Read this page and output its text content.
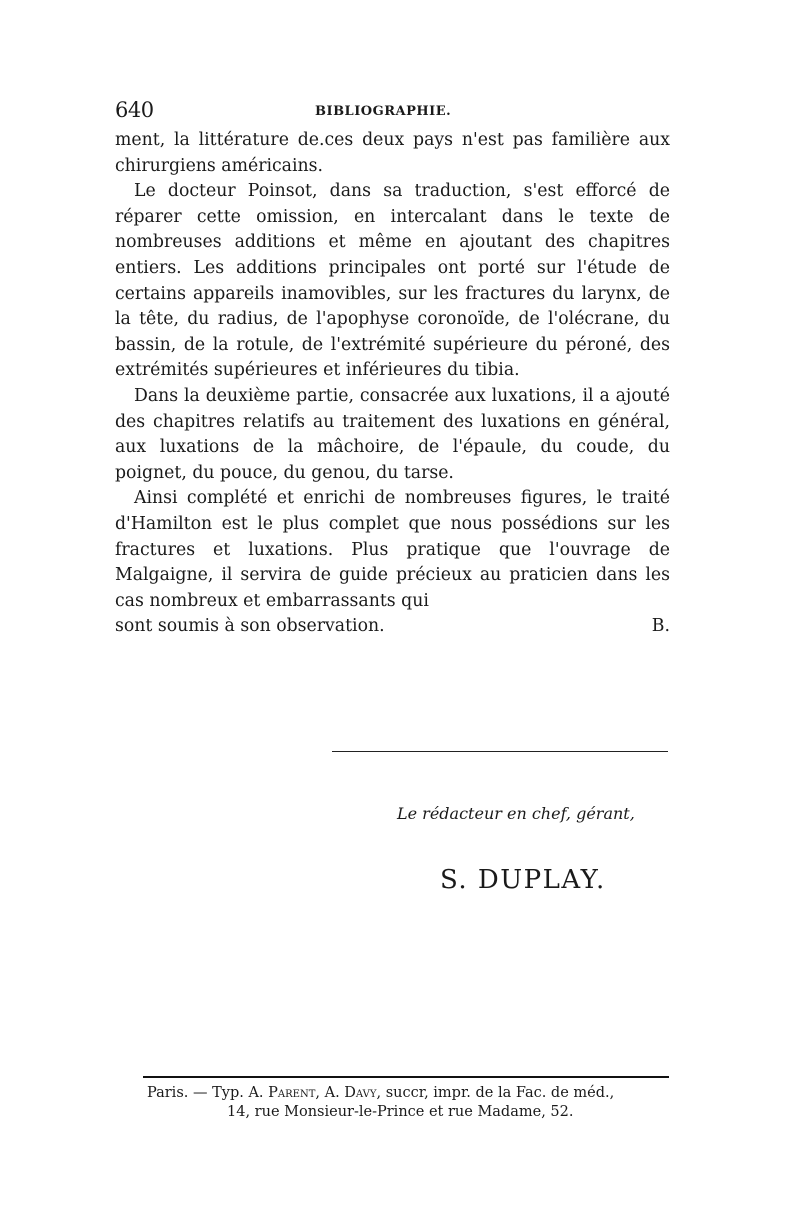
640	BIBLIOGRAPHIE.

ment, la littérature de.ces deux pays n'est pas familière aux chirurgiens américains.

Le docteur Poinsot, dans sa traduction, s'est efforcé de réparer cette omission, en intercalant dans le texte de nombreuses additions et même en ajoutant des chapitres entiers. Les additions principales ont porté sur l'étude de certains appareils inamovibles, sur les fractures du larynx, de la tête, du radius, de l'apophyse coronoïde, de l'olécrane, du bassin, de la rotule, de l'extrémité supérieure du péroné, des extrémités supérieures et inférieures du tibia.

Dans la deuxième partie, consacrée aux luxations, il a ajouté des chapitres relatifs au traitement des luxations en général, aux luxations de la mâchoire, de l'épaule, du coude, du poignet, du pouce, du genou, du tarse.

Ainsi complété et enrichi de nombreuses figures, le traité d'Hamilton est le plus complet que nous possédions sur les fractures et luxations. Plus pratique que l'ouvrage de Malgaigne, il servira de guide précieux au praticien dans les cas nombreux et embarrassants qui

sont soumis à son observation.	B.
Le rédacteur en chef, gérant,
S. DUPLAY.
Paris. — Typ. A. Parent, A. Davy, succr, impr. de la Fac. de méd.,
14, rue Monsieur-le-Prince et rue Madame, 52.
